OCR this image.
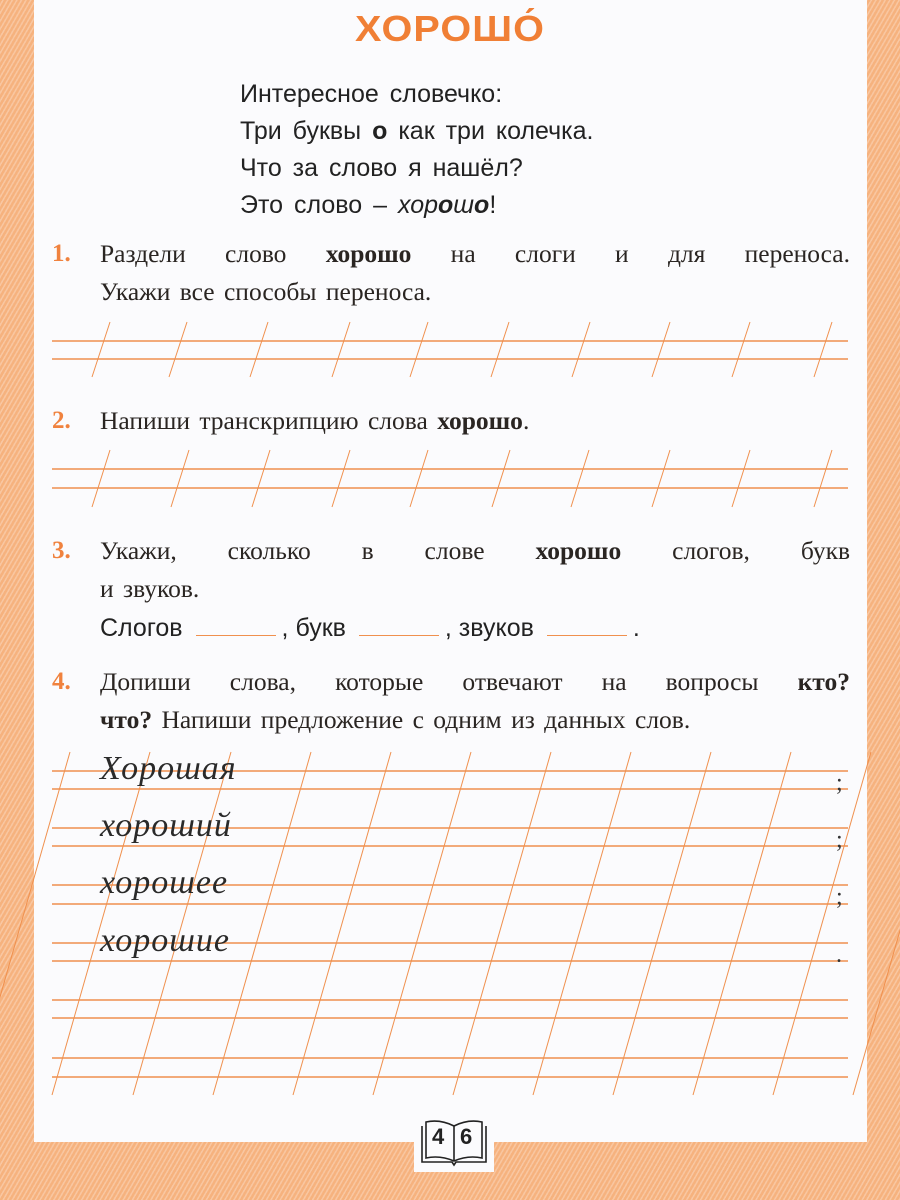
ХОРОШО́
Интересное словечко:
Три буквы о как три колечка.
Что за слово я нашёл?
Это слово – хорошо!
1. Раздели слово хорошо на слоги и для переноса.
Укажи все способы переноса.
2. Напиши транскрипцию слова хорошо.
3. Укажи, сколько в слове хорошо слогов, букв
и звуков.
Слогов	, букв	, звуков	.
4. Допиши слова, которые отвечают на вопросы кто?
что? Напиши предложение с одним из данных слов.
Хорошая	;
хороший	;
хорошее	;
хорошие	.
4 6
